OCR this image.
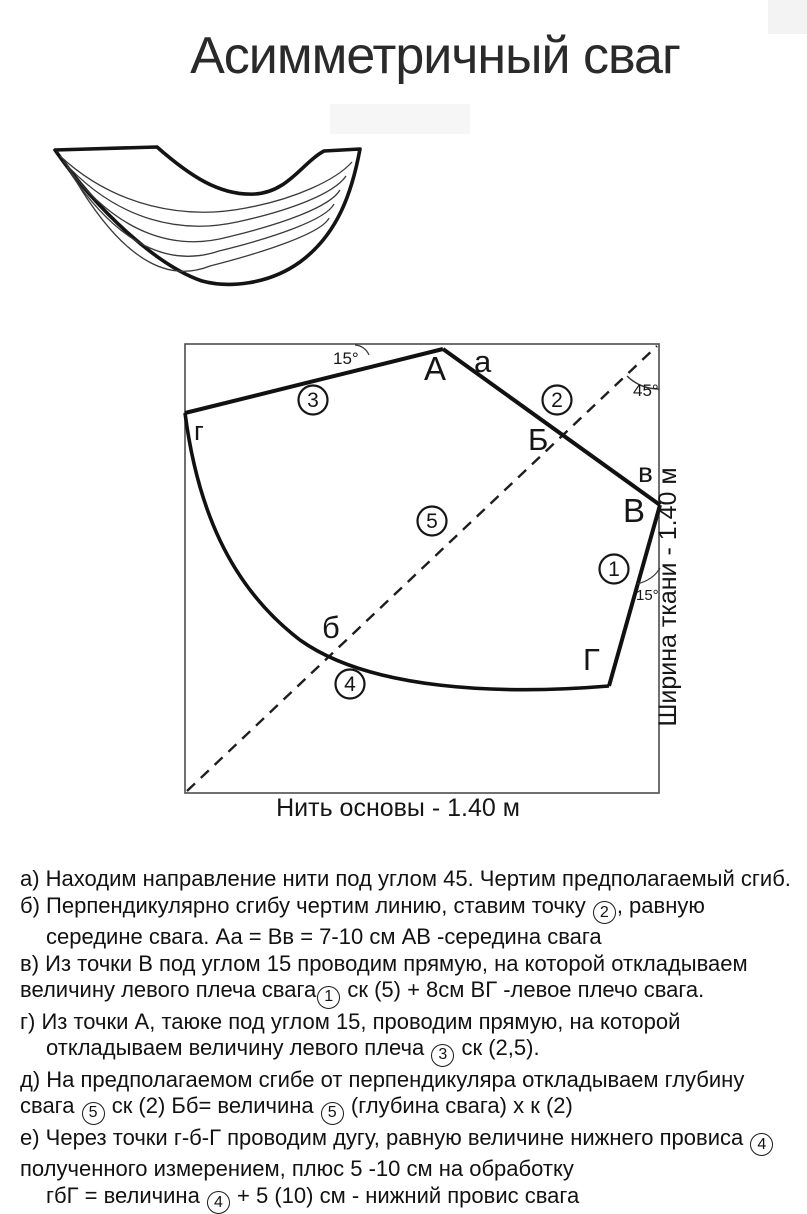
Асимметричный сваг
15°
45°
15°
г
А а
Б
в
В
Г
б
1
2
3
4
5
Нить основы - 1.40 м
Ширина ткани - 1.40 м
а) Находим направление нити под углом 45. Чертим предполагаемый сгиб.
б) Перпендикулярно сгибу чертим линию, ставим точку 2 , равную
середине свага. Аа = Вв = 7-10 см АВ -середина свага
в) Из точки В под углом 15 проводим прямую, на которой откладываем
величину левого плеча свага 1 ск (5) + 8см ВГ -левое плечо свага.
г) Из точки А, таюке под углом 15, проводим прямую, на которой
откладываем величину левого плеча 3 ск (2,5).
д) На предполагаемом сгибе от перпендикуляра откладываем глубину
свага 5 ск (2) Бб= величина 5 (глубина свага) х к (2)
е) Через точки г-б-Г проводим дугу, равную величине нижнего провиса 4
полученного измерением, плюс 5 -10 см на обработку
гбГ = величина 4 + 5 (10) см - нижний провис свага
